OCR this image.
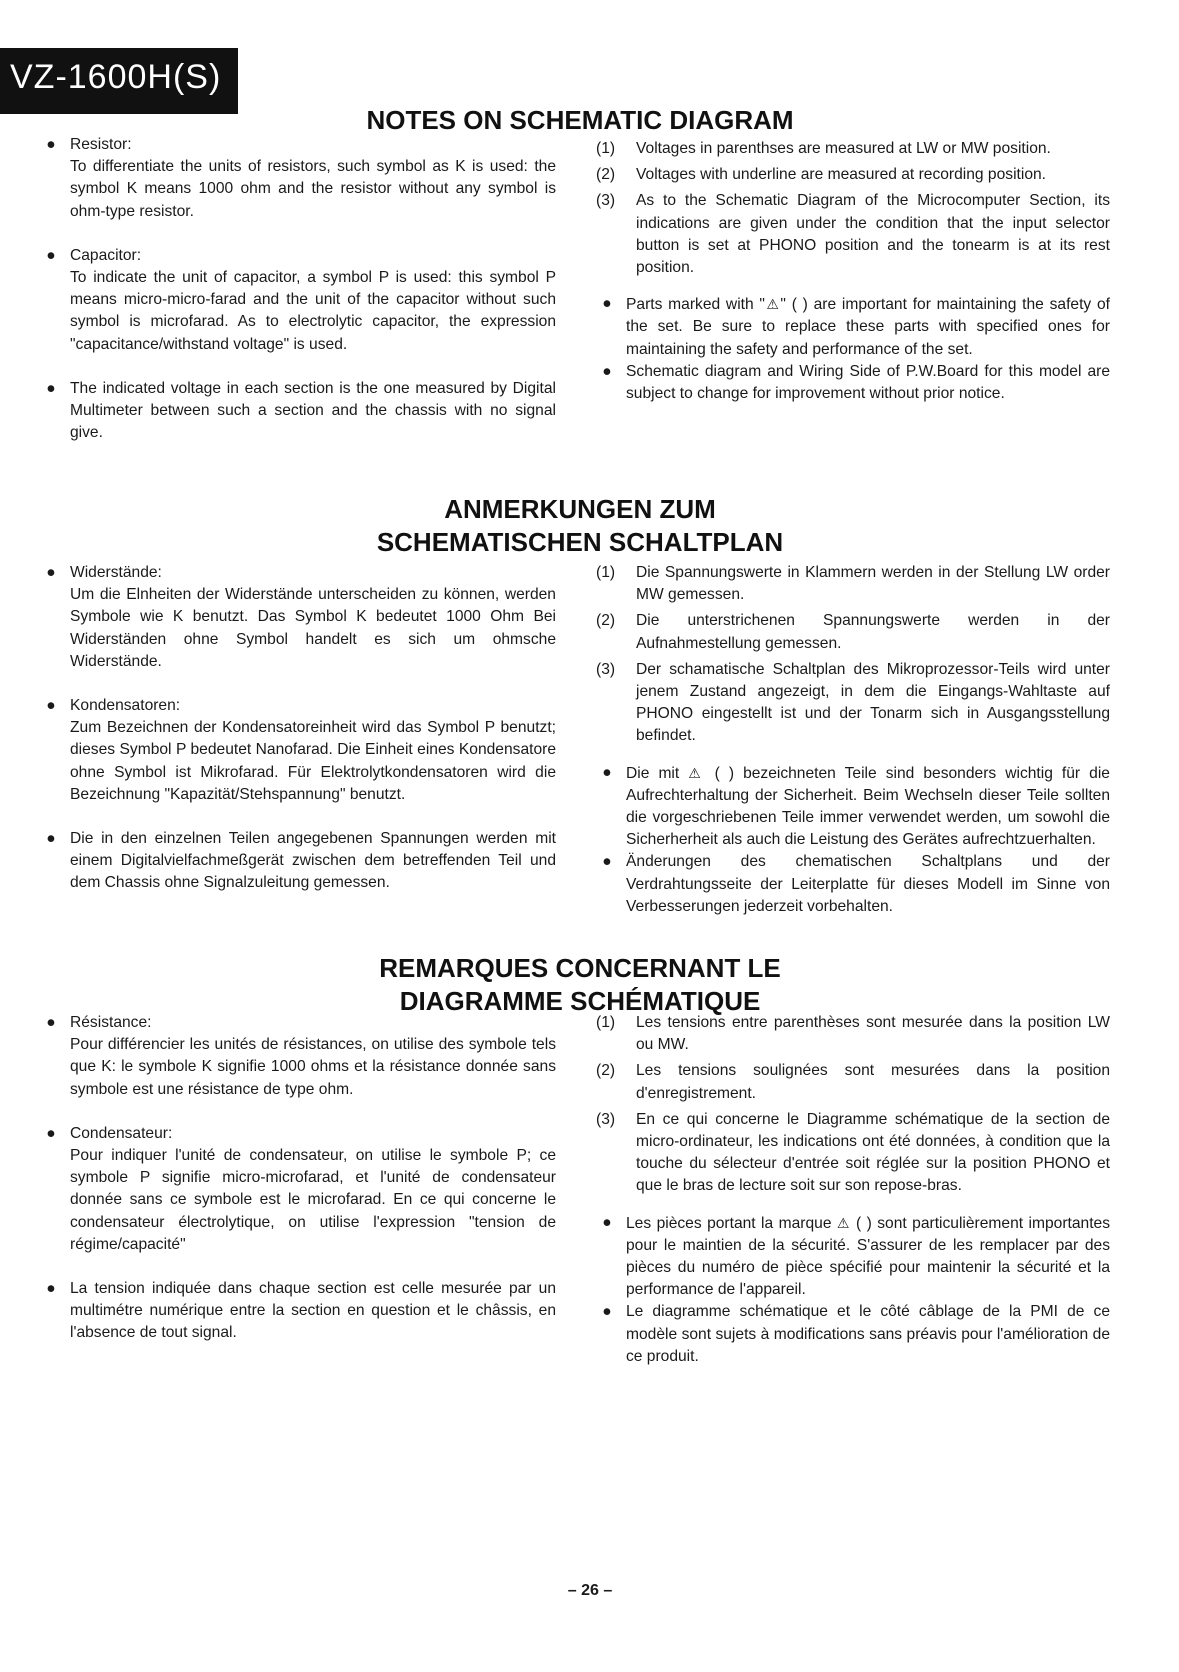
VZ-1600H(S)
NOTES ON SCHEMATIC DIAGRAM
● Resistor:

To differentiate the units of resistors, such symbol as K is used: the symbol K means 1000 ohm and the resistor without any symbol is ohm-type resistor.

● Capacitor:

To indicate the unit of capacitor, a symbol P is used: this symbol P means micro-micro-farad and the unit of the capacitor without such symbol is microfarad. As to electrolytic capacitor, the expression "capacitance/withstand voltage" is used.

● The indicated voltage in each section is the one measured by Digital Multimeter between such a section and the chassis with no signal give.

(1) Voltages in parenthses are measured at LW or MW position.
(2) Voltages with underline are measured at recording position.
(3) As to the Schematic Diagram of the Microcomputer Section, its indications are given under the condition that the input selector button is set at PHONO position and the tonearm is at its rest position.
● Parts marked with "⚠" ( ) are important for maintaining the safety of the set. Be sure to replace these parts with specified ones for maintaining the safety and performance of the set.
● Schematic diagram and Wiring Side of P.W.Board for this model are subject to change for improvement without prior notice.
ANMERKUNGEN ZUM
SCHEMATISCHEN SCHALTPLAN
● Widerstände:

Um die Elnheiten der Widerstände unterscheiden zu können, werden Symbole wie K benutzt. Das Symbol K bedeutet 1000 Ohm Bei Widerständen ohne Symbol handelt es sich um ohmsche Widerstände.

● Kondensatoren:

Zum Bezeichnen der Kondensatoreinheit wird das Symbol P benutzt; dieses Symbol P bedeutet Nanofarad. Die Einheit eines Kondensatore ohne Symbol ist Mikrofarad. Für Elektrolytkondensatoren wird die Bezeichnung "Kapazität/Stehspannung" benutzt.

● Die in den einzelnen Teilen angegebenen Spannungen werden mit einem Digitalvielfachmeßgerät zwischen dem betreffenden Teil und dem Chassis ohne Signalzuleitung gemessen.

(1) Die Spannungswerte in Klammern werden in der Stellung LW order MW gemessen.
(2) Die unterstrichenen Spannungswerte werden in der Aufnahmestellung gemessen.
(3) Der schamatische Schaltplan des Mikroprozessor-Teils wird unter jenem Zustand angezeigt, in dem die Eingangs-Wahltaste auf PHONO eingestellt ist und der Tonarm sich in Ausgangsstellung befindet.
● Die mit ⚠ ( ) bezeichneten Teile sind besonders wichtig für die Aufrechterhaltung der Sicherheit. Beim Wechseln dieser Teile sollten die vorgeschriebenen Teile immer verwendet werden, um sowohl die Sicherherheit als auch die Leistung des Gerätes aufrechtzuerhalten.
● Änderungen des chematischen Schaltplans und der Verdrahtungsseite der Leiterplatte für dieses Modell im Sinne von Verbesserungen jederzeit vorbehalten.
REMARQUES CONCERNANT LE
DIAGRAMME SCHÉMATIQUE
● Résistance:

Pour différencier les unités de résistances, on utilise des symbole tels que K: le symbole K signifie 1000 ohms et la résistance donnée sans symbole est une résistance de type ohm.

● Condensateur:

Pour indiquer l'unité de condensateur, on utilise le symbole P; ce symbole P signifie micro-microfarad, et l'unité de condensateur donnée sans ce symbole est le microfarad. En ce qui concerne le condensateur électrolytique, on utilise l'expression "tension de régime/capacité"

● La tension indiquée dans chaque section est celle mesurée par un multimétre numérique entre la section en question et le châssis, en l'absence de tout signal.

(1) Les tensions entre parenthèses sont mesurée dans la position LW ou MW.
(2) Les tensions soulignées sont mesurées dans la position d'enregistrement.
(3) En ce qui concerne le Diagramme schématique de la section de micro-ordinateur, les indications ont été données, à condition que la touche du sélecteur d'entrée soit réglée sur la position PHONO et que le bras de lecture soit sur son repose-bras.
● Les pièces portant la marque ⚠ ( ) sont particulièrement importantes pour le maintien de la sécurité. S'assurer de les remplacer par des pièces du numéro de pièce spécifié pour maintenir la sécurité et la performance de l'appareil.
● Le diagramme schématique et le côté câblage de la PMI de ce modèle sont sujets à modifications sans préavis pour l'amélioration de ce produit.
– 26 –
